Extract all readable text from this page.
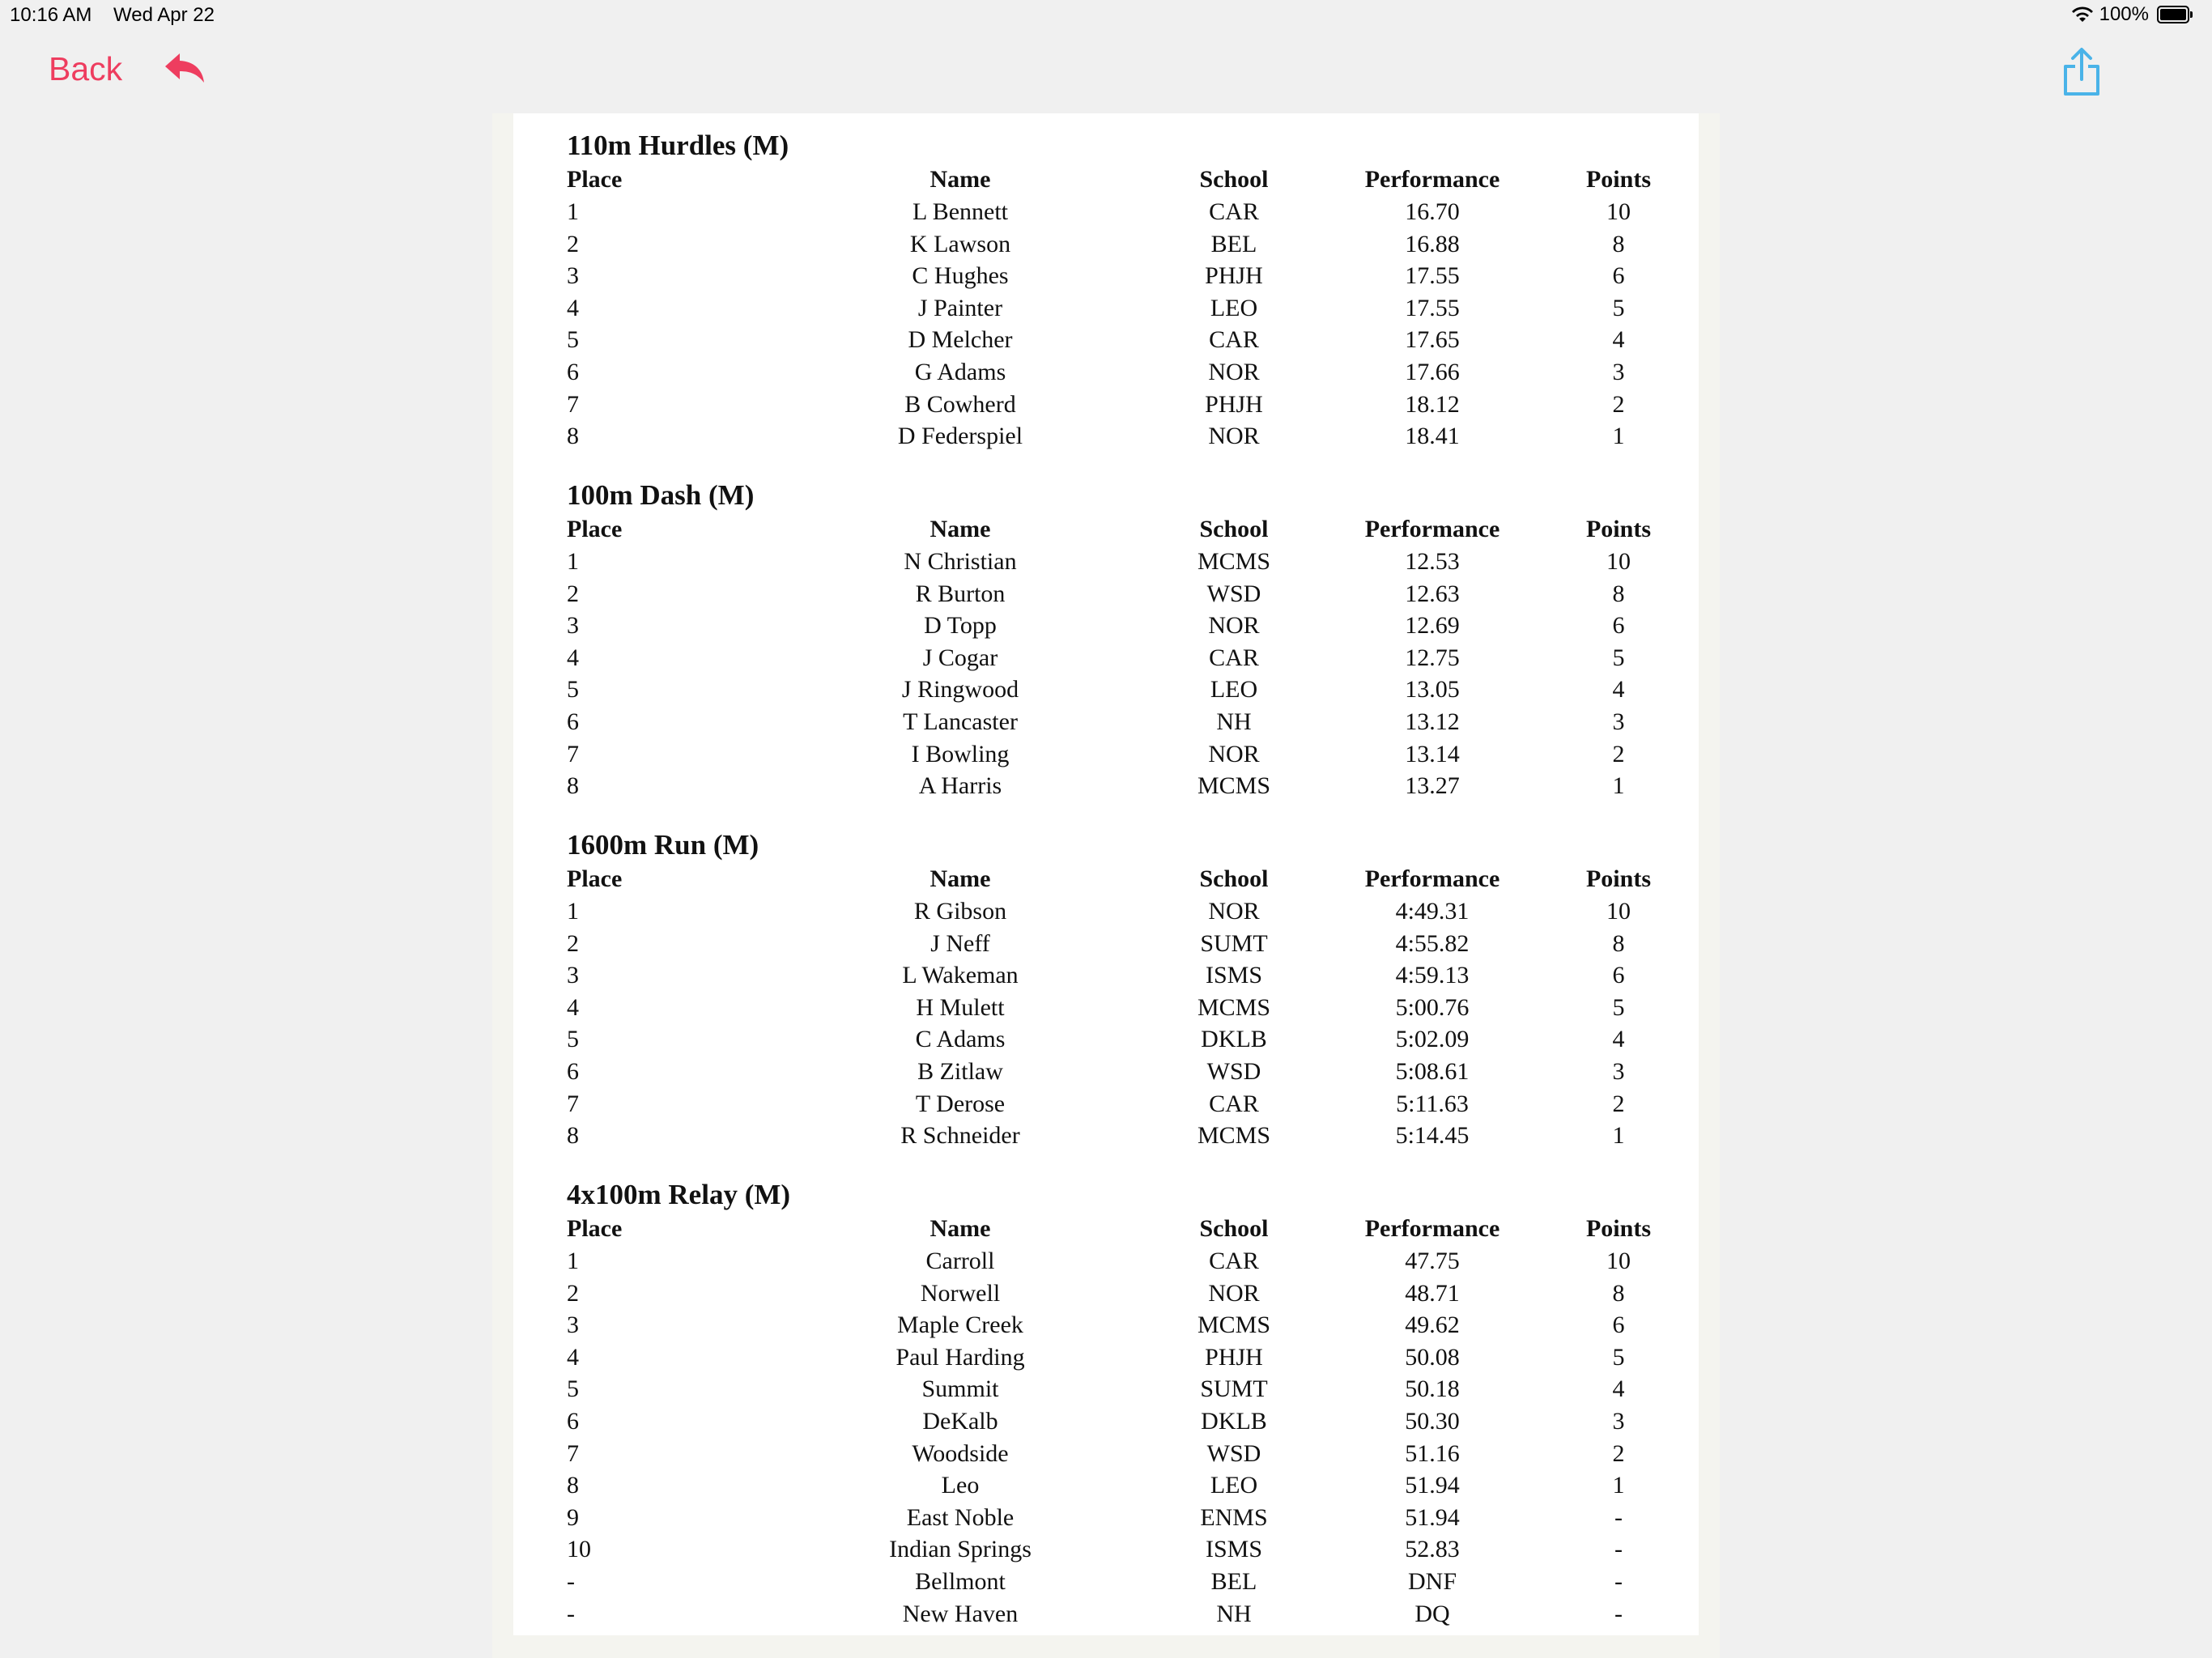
10:16 AM Wed Apr 22	100%
Back
110m Hurdles (M)
Place	Name	School	Performance	Points
1	L Bennett	CAR	16.70	10
2	K Lawson	BEL	16.88	8
3	C Hughes	PHJH	17.55	6
4	J Painter	LEO	17.55	5
5	D Melcher	CAR	17.65	4
6	G Adams	NOR	17.66	3
7	B Cowherd	PHJH	18.12	2
8	D Federspiel	NOR	18.41	1
100m Dash (M)
Place	Name	School	Performance	Points
1	N Christian	MCMS	12.53	10
2	R Burton	WSD	12.63	8
3	D Topp	NOR	12.69	6
4	J Cogar	CAR	12.75	5
5	J Ringwood	LEO	13.05	4
6	T Lancaster	NH	13.12	3
7	I Bowling	NOR	13.14	2
8	A Harris	MCMS	13.27	1
1600m Run (M)
Place	Name	School	Performance	Points
1	R Gibson	NOR	4:49.31	10
2	J Neff	SUMT	4:55.82	8
3	L Wakeman	ISMS	4:59.13	6
4	H Mulett	MCMS	5:00.76	5
5	C Adams	DKLB	5:02.09	4
6	B Zitlaw	WSD	5:08.61	3
7	T Derose	CAR	5:11.63	2
8	R Schneider	MCMS	5:14.45	1
4x100m Relay (M)
Place	Name	School	Performance	Points
1	Carroll	CAR	47.75	10
2	Norwell	NOR	48.71	8
3	Maple Creek	MCMS	49.62	6
4	Paul Harding	PHJH	50.08	5
5	Summit	SUMT	50.18	4
6	DeKalb	DKLB	50.30	3
7	Woodside	WSD	51.16	2
8	Leo	LEO	51.94	1
9	East Noble	ENMS	51.94	-
10	Indian Springs	ISMS	52.83	-
-	Bellmont	BEL	DNF	-
-	New Haven	NH	DQ	-
